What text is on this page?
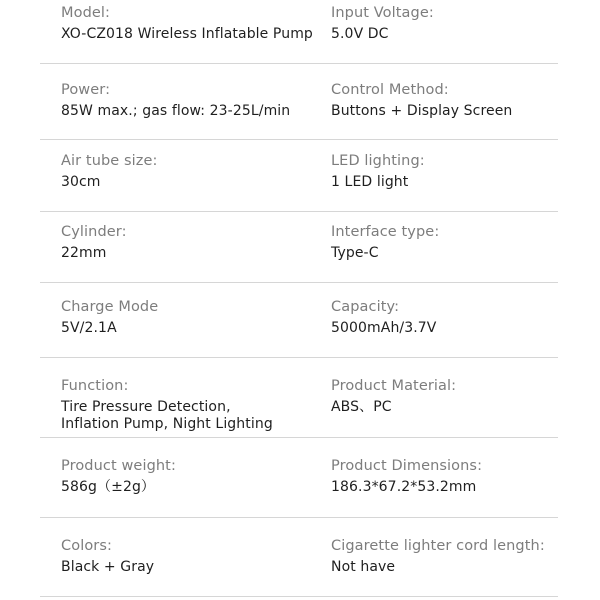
Model:
XO-CZ018 Wireless Inflatable Pump
Input Voltage:
5.0V DC
Power:
85W max.; gas flow: 23-25L/min
Control Method:
Buttons + Display Screen
Air tube size:
30cm
LED lighting:
1 LED light
Cylinder:
22mm
Interface type:
Type-C
Charge Mode
5V/2.1A
Capacity:
5000mAh/3.7V
Function:
Tire Pressure Detection,
Inflation Pump, Night Lighting
Product Material:
ABS、PC
Product weight:
586g（±2g）
Product Dimensions:
186.3*67.2*53.2mm
Colors:
Black + Gray
Cigarette lighter cord length:
Not have
